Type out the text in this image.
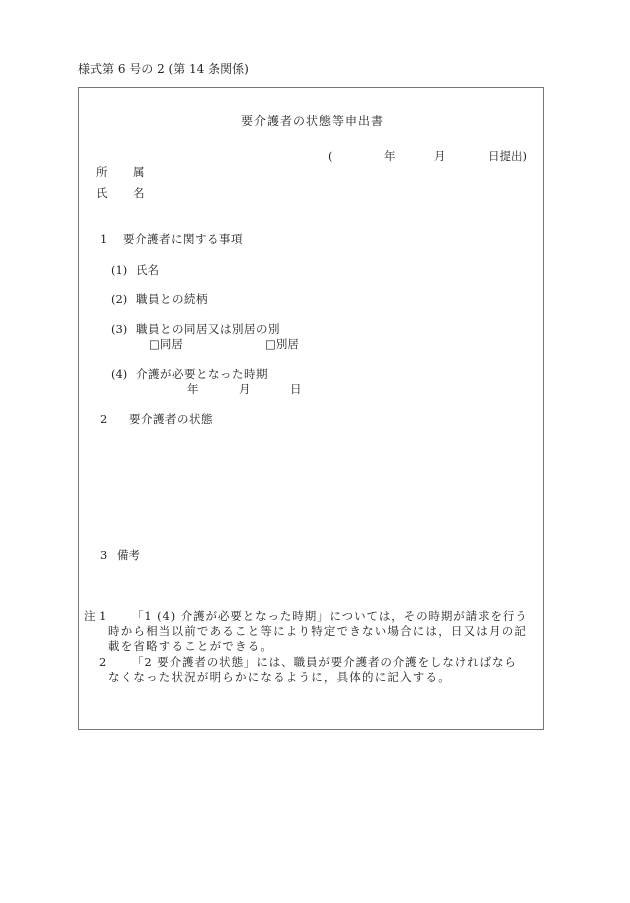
様式第 6 号の 2 (第 14 条関係)
要介護者の状態等申出書
(	年	月	日提出)
所 属
氏 名
1 要介護者に関する事項
(1) 氏名
(2) 職員との続柄
(3) 職員との同居又は別居の別
□同居	□別居
(4) 介護が必要となった時期
年	月	日
2 要介護者の状態
3 備考
注 1 「1 (4) 介護が必要となった時期」については，その時期が請求を行う
時から相当以前であること等により特定できない場合には，日又は月の記
載を省略することができる。
2 「2 要介護者の状態」には、職員が要介護者の介護をしなければなら
なくなった状況が明らかになるように，具体的に記入する。
